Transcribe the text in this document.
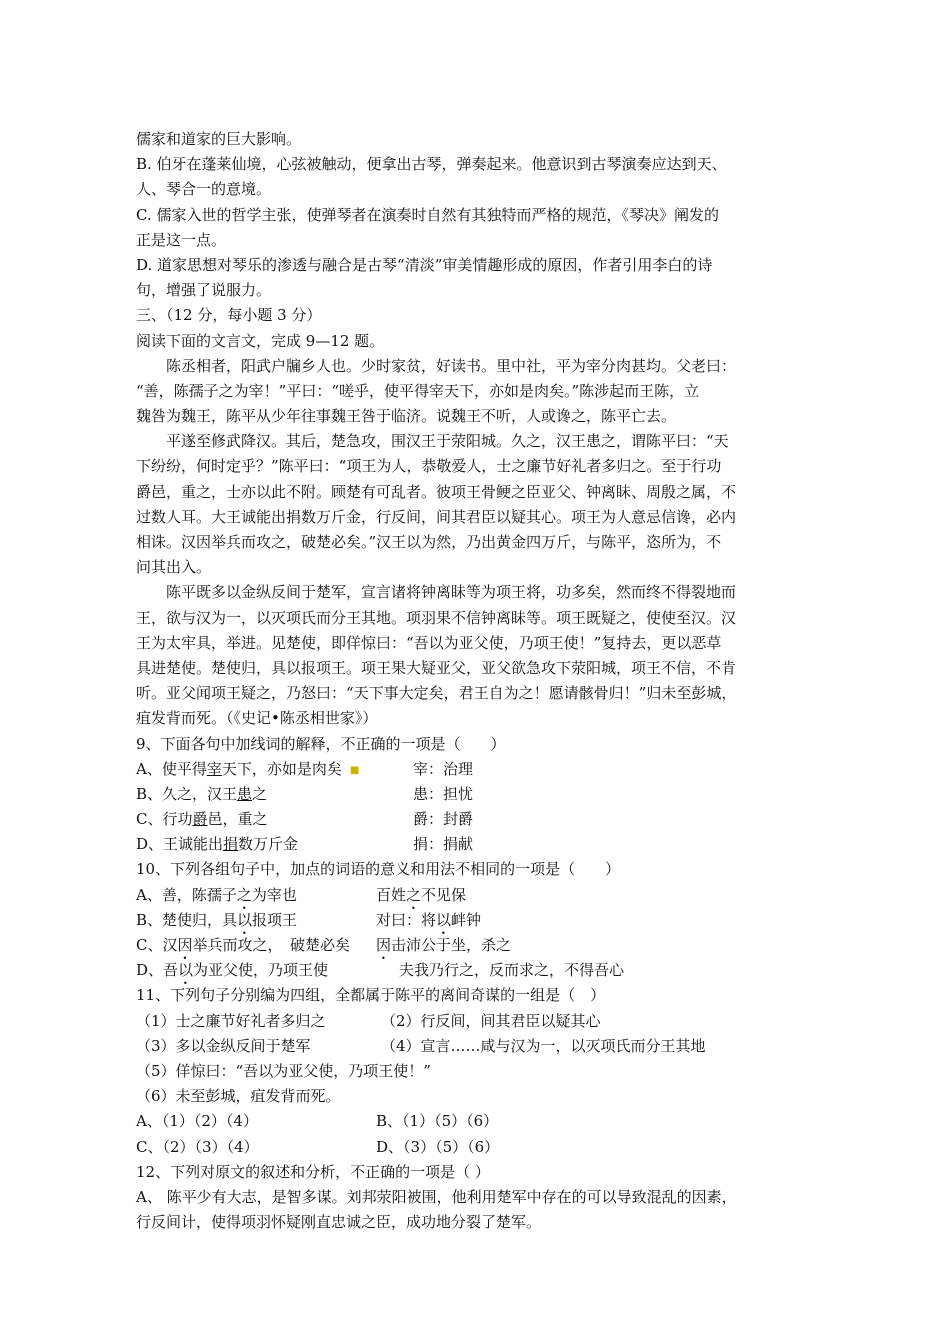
儒家和道家的巨大影响。
B. 伯牙在蓬莱仙境，心弦被触动，便拿出古琴，弹奏起来。他意识到古琴演奏应达到天、
人、琴合一的意境。
C. 儒家入世的哲学主张，使弹琴者在演奏时自然有其独特而严格的规范，《琴决》阐发的
正是这一点。
D. 道家思想对琴乐的渗透与融合是古琴“清淡”审美情趣形成的原因，作者引用李白的诗
句，增强了说服力。
三、（12 分，每小题 3 分）
阅读下面的文言文，完成 9—12 题。
陈丞相者，阳武户牖乡人也。少时家贫，好读书。里中社，平为宰分肉甚均。父老曰：
“善，陈孺子之为宰！”平曰：“嗟乎，使平得宰天下，亦如是肉矣。”陈涉起而王陈，立
魏咎为魏王，陈平从少年往事魏王咎于临济。说魏王不听，人或谗之，陈平亡去。
平遂至修武降汉。其后，楚急攻，围汉王于荥阳城。久之，汉王患之，谓陈平曰：“天
下纷纷，何时定乎？”陈平曰：“项王为人，恭敬爱人，士之廉节好礼者多归之。至于行功
爵邑，重之，士亦以此不附。顾楚有可乱者。彼项王骨鲠之臣亚父、钟离眛、周殷之属，不
过数人耳。大王诚能出捐数万斤金，行反间，间其君臣以疑其心。项王为人意忌信谗，必内
相诛。汉因举兵而攻之，破楚必矣。”汉王以为然，乃出黄金四万斤，与陈平，恣所为，不
问其出入。
陈平既多以金纵反间于楚军，宣言诸将钟离眛等为项王将，功多矣，然而终不得裂地而
王，欲与汉为一，以灭项氏而分王其地。项羽果不信钟离眛等。项王既疑之，使使至汉。汉
王为太牢具，举进。见楚使，即佯惊曰：“吾以为亚父使，乃项王使！”复持去，更以恶草
具进楚使。楚使归，具以报项王。项王果大疑亚父，亚父欲急攻下荥阳城，项王不信，不肯
听。亚父闻项王疑之，乃怒曰：“天下事大定矣，君王自为之！愿请骸骨归！”归未至彭城，
疽发背而死。（《史记•陈丞相世家》）
9、下面各句中加线词的解释，不正确的一项是（　　）
A、使平得宰天下，亦如是肉矣 ■	宰：治理
B、久之，汉王患之	患：担忧
C、行功爵邑，重之	爵：封爵
D、王诚能出捐数万斤金	捐：捐献
10、下列各组句子中，加点的词语的意义和用法不相同的一项是（　　）
A、善，陈孺子之为宰也	百姓之不见保
B、楚使归，具以报项王	对曰：将以衅钟
C、汉因举兵而攻之，　破楚必矣 因击沛公于坐，杀之
D、吾以为亚父使，乃项王使	夫我乃行之，反而求之，不得吾心
11、下列句子分别编为四组，全都属于陈平的离间奇谋的一组是（　）
（1）士之廉节好礼者多归之	（2）行反间，间其君臣以疑其心
（3）多以金纵反间于楚军	（4）宣言……咸与汉为一，以灭项氏而分王其地
（5）佯惊曰：“吾以为亚父使，乃项王使！”
（6）未至彭城，疽发背而死。
A、（1）（2）（4）	B、（1）（5）（6）
C、（2）（3）（4）	D、（3）（5）（6）
12、下列对原文的叙述和分析，不正确的一项是（ ）
A、 陈平少有大志，是智多谋。刘邦荥阳被围，他利用楚军中存在的可以导致混乱的因素，
行反间计，使得项羽怀疑刚直忠诚之臣，成功地分裂了楚军。
